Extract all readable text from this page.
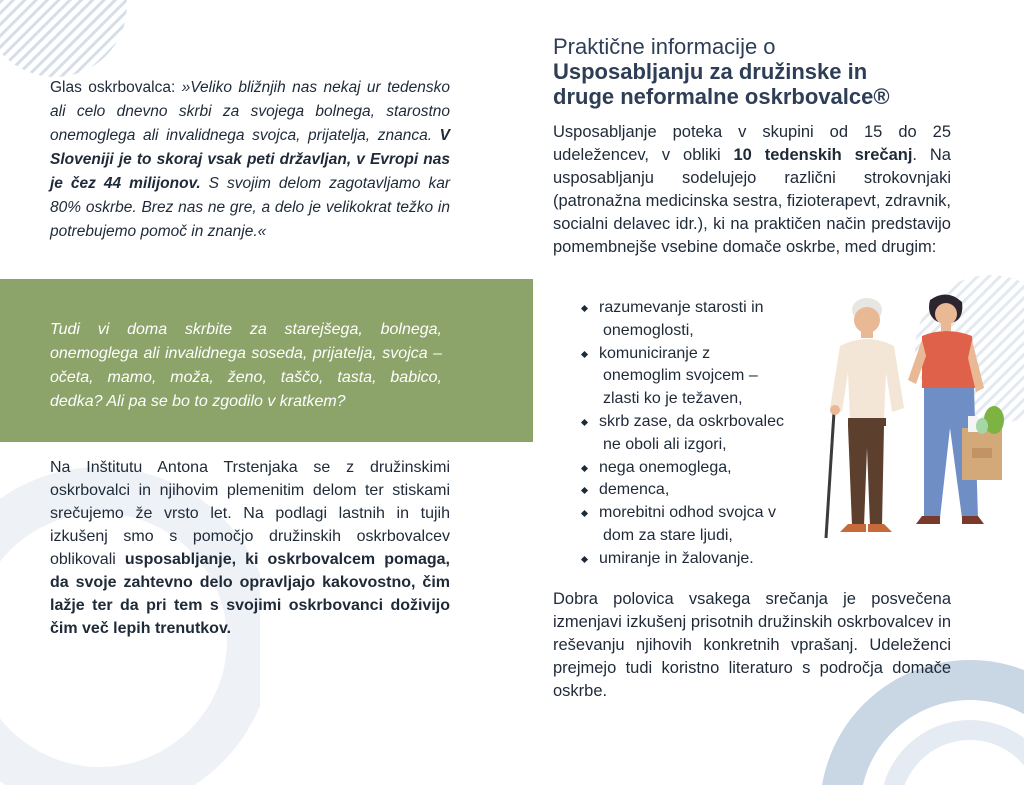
Glas oskrbovalca: »Veliko bližnjih nas nekaj ur tedensko ali celo dnevno skrbi za svojega bolnega, starostno onemoglega ali invalidnega svojca, prijatelja, znanca. V Sloveniji je to skoraj vsak peti državljan, v Evropi nas je čez 44 milijonov. S svojim delom zagotavljamo kar 80% oskrbe. Brez nas ne gre, a delo je velikokrat težko in potrebujemo pomoč in znanje.«
Tudi vi doma skrbite za starejšega, bolnega, onemoglega ali invalidnega soseda, prijatelja, svojca – očeta, mamo, moža, ženo, taščo, tasta, babico, dedka? Ali pa se bo to zgodilo v kratkem?
Na Inštitutu Antona Trstenjaka se z družinskimi oskrbovalci in njihovim plemenitim delom ter stiskami srečujemo že vrsto let. Na podlagi lastnih in tujih izkušenj smo s pomočjo družinskih oskrbovalcev oblikovali usposabljanje, ki oskrbovalcem pomaga, da svoje zahtevno delo opravljajo kakovostno, čim lažje ter da pri tem s svojimi oskrbovanci doživijo čim več lepih trenutkov.
Praktične informacije o
Usposabljanju za družinske in
druge neformalne oskrbovalce®
Usposabljanje poteka v skupini od 15 do 25 udeležencev, v obliki 10 tedenskih srečanj. Na usposabljanju sodelujejo različni strokovnjaki (patronažna medicinska sestra, fizioterapevt, zdravnik, socialni delavec idr.), ki na praktičen način predstavijo pomembnejše vsebine domače oskrbe, med drugim:
razumevanje starosti in
onemoglosti,
komuniciranje z
onemoglim svojcem –
zlasti ko je težaven,
skrb zase, da oskrbovalec
ne oboli ali izgori,
nega onemoglega,
demenca,
morebitni odhod svojca v
dom za stare ljudi,
umiranje in žalovanje.
Dobra polovica vsakega srečanja je posvečena izmenjavi izkušenj prisotnih družinskih oskrbovalcev in reševanju njihovih konkretnih vprašanj. Udeleženci prejmejo tudi koristno literaturo s področja domače oskrbe.
